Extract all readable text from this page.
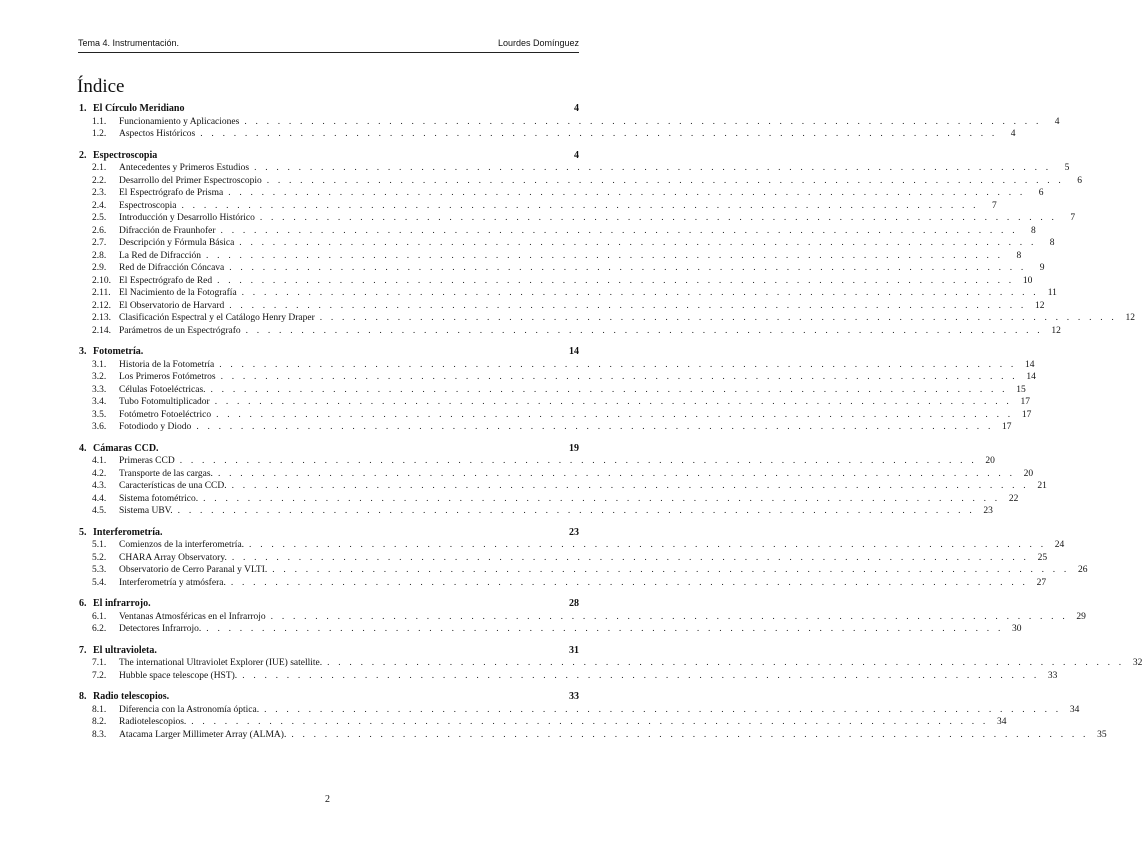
Tema 4. Instrumentación.	Lourdes Domínguez
Índice
1. El Círculo Meridiano	4
1.1.	Funcionamiento y Aplicaciones . . . . . . . . . . . . . . . . . . . . . . . . . . . . . . . . . . . . . . . . . . . . . . . . . . . . . . . . . . . . . . . . . . . . . . . .	4
1.2.	Aspectos Históricos . . . . . . . . . . . . . . . . . . . . . . . . . . . . . . . . . . . . . . . . . . . . . . . . . . . . . . . . . . . . . . . . . . . . . . . .	4
2. Espectroscopia	4
2.1.	Antecedentes y Primeros Estudios . . . . . . . . . . . . . . . . . . . . . . . . . . . . . . . . . . . . . . . . . . . . . . . . . . . . . . . . . . . . . . . . . . . . . . . .	5
2.2.	Desarrollo del Primer Espectroscopio . . . . . . . . . . . . . . . . . . . . . . . . . . . . . . . . . . . . . . . . . . . . . . . . . . . . . . . . . . . . . . . . . . . . . . . .	6
2.3.	El Espectrógrafo de Prisma . . . . . . . . . . . . . . . . . . . . . . . . . . . . . . . . . . . . . . . . . . . . . . . . . . . . . . . . . . . . . . . . . . . . . . . .	6
2.4.	Espectroscopia . . . . . . . . . . . . . . . . . . . . . . . . . . . . . . . . . . . . . . . . . . . . . . . . . . . . . . . . . . . . . . . . . . . . . . . .	7
2.5.	Introducción y Desarrollo Histórico . . . . . . . . . . . . . . . . . . . . . . . . . . . . . . . . . . . . . . . . . . . . . . . . . . . . . . . . . . . . . . . . . . . . . . . .	7
2.6.	Difracción de Fraunhofer . . . . . . . . . . . . . . . . . . . . . . . . . . . . . . . . . . . . . . . . . . . . . . . . . . . . . . . . . . . . . . . . . . . . . . . .	8
2.7.	Descripción y Fórmula Básica . . . . . . . . . . . . . . . . . . . . . . . . . . . . . . . . . . . . . . . . . . . . . . . . . . . . . . . . . . . . . . . . . . . . . . . .	8
2.8.	La Red de Difracción . . . . . . . . . . . . . . . . . . . . . . . . . . . . . . . . . . . . . . . . . . . . . . . . . . . . . . . . . . . . . . . . . . . . . . . .	8
2.9.	Red de Difracción Cóncava . . . . . . . . . . . . . . . . . . . . . . . . . . . . . . . . . . . . . . . . . . . . . . . . . . . . . . . . . . . . . . . . . . . . . . . .	9
2.10. El Espectrógrafo de Red . . . . . . . . . . . . . . . . . . . . . . . . . . . . . . . . . . . . . . . . . . . . . . . . . . . . . . . . . . . . . . . . . . . . . . . . 10
2.11. El Nacimiento de la Fotografía . . . . . . . . . . . . . . . . . . . . . . . . . . . . . . . . . . . . . . . . . . . . . . . . . . . . . . . . . . . . . . . . . . . . . . . . 11
2.12. El Observatorio de Harvard . . . . . . . . . . . . . . . . . . . . . . . . . . . . . . . . . . . . . . . . . . . . . . . . . . . . . . . . . . . . . . . . . . . . . . . . 12
2.13. Clasificación Espectral y el Catálogo Henry Draper . . . . . . . . . . . . . . . . . . . . . . . . . . . . . . . . . . . . . . . . . . . . . . . . . . . . . . . . . . . . . . . . . . . . . . . . 12
2.14. Parámetros de un Espectrógrafo . . . . . . . . . . . . . . . . . . . . . . . . . . . . . . . . . . . . . . . . . . . . . . . . . . . . . . . . . . . . . . . . . . . . . . . . 12
3. Fotometría.	14
3.1.	Historia de la Fotometría . . . . . . . . . . . . . . . . . . . . . . . . . . . . . . . . . . . . . . . . . . . . . . . . . . . . . . . . . . . . . . . . . . . . . . . . 14
3.2.	Los Primeros Fotómetros . . . . . . . . . . . . . . . . . . . . . . . . . . . . . . . . . . . . . . . . . . . . . . . . . . . . . . . . . . . . . . . . . . . . . . . . 14
3.3.	Células Fotoeléctricas. . . . . . . . . . . . . . . . . . . . . . . . . . . . . . . . . . . . . . . . . . . . . . . . . . . . . . . . . . . . . . . . . . . . . . . . . 15
3.4.	Tubo Fotomultiplicador . . . . . . . . . . . . . . . . . . . . . . . . . . . . . . . . . . . . . . . . . . . . . . . . . . . . . . . . . . . . . . . . . . . . . . . . 17
3.5.	Fotómetro Fotoeléctrico . . . . . . . . . . . . . . . . . . . . . . . . . . . . . . . . . . . . . . . . . . . . . . . . . . . . . . . . . . . . . . . . . . . . . . . . 17
3.6.	Fotodiodo y Diodo . . . . . . . . . . . . . . . . . . . . . . . . . . . . . . . . . . . . . . . . . . . . . . . . . . . . . . . . . . . . . . . . . . . . . . . . 17
4. Cámaras CCD.	19
4.1.	Primeras CCD . . . . . . . . . . . . . . . . . . . . . . . . . . . . . . . . . . . . . . . . . . . . . . . . . . . . . . . . . . . . . . . . . . . . . . . . 20
4.2.	Transporte de las cargas. . . . . . . . . . . . . . . . . . . . . . . . . . . . . . . . . . . . . . . . . . . . . . . . . . . . . . . . . . . . . . . . . . . . . . . . . 20
4.3.	Características de una CCD. . . . . . . . . . . . . . . . . . . . . . . . . . . . . . . . . . . . . . . . . . . . . . . . . . . . . . . . . . . . . . . . . . . . . . . . . 21
4.4.	Sistema fotométrico. . . . . . . . . . . . . . . . . . . . . . . . . . . . . . . . . . . . . . . . . . . . . . . . . . . . . . . . . . . . . . . . . . . . . . . . . 22
4.5.	Sistema UBV. . . . . . . . . . . . . . . . . . . . . . . . . . . . . . . . . . . . . . . . . . . . . . . . . . . . . . . . . . . . . . . . . . . . . . . . . 23
5. Interferometría.	23
5.1.	Comienzos de la interferometría. . . . . . . . . . . . . . . . . . . . . . . . . . . . . . . . . . . . . . . . . . . . . . . . . . . . . . . . . . . . . . . . . . . . . . . . . 24
5.2.	CHARA Array Observatory. . . . . . . . . . . . . . . . . . . . . . . . . . . . . . . . . . . . . . . . . . . . . . . . . . . . . . . . . . . . . . . . . . . . . . . . . 25
5.3.	Observatorio de Cerro Paranal y VLTI. . . . . . . . . . . . . . . . . . . . . . . . . . . . . . . . . . . . . . . . . . . . . . . . . . . . . . . . . . . . . . . . . . . . . . . . . 26
5.4.	Interferometría y atmósfera. . . . . . . . . . . . . . . . . . . . . . . . . . . . . . . . . . . . . . . . . . . . . . . . . . . . . . . . . . . . . . . . . . . . . . . . . 27
6. El infrarrojo.	28
6.1.	Ventanas Atmosféricas en el Infrarrojo . . . . . . . . . . . . . . . . . . . . . . . . . . . . . . . . . . . . . . . . . . . . . . . . . . . . . . . . . . . . . . . . . . . . . . . . 29
6.2.	Detectores Infrarrojo. . . . . . . . . . . . . . . . . . . . . . . . . . . . . . . . . . . . . . . . . . . . . . . . . . . . . . . . . . . . . . . . . . . . . . . . . 30
7. El ultravioleta.	31
7.1.	The international Ultraviolet Explorer (IUE) satellite. . . . . . . . . . . . . . . . . . . . . . . . . . . . . . . . . . . . . . . . . . . . . . . . . . . . . . . . . . . . . . . . . . . . . . . . . 32
7.2.	Hubble space telescope (HST). . . . . . . . . . . . . . . . . . . . . . . . . . . . . . . . . . . . . . . . . . . . . . . . . . . . . . . . . . . . . . . . . . . . . . . . . 33
8. Radio telescopios.	33
8.1.	Diferencia con la Astronomía óptica. . . . . . . . . . . . . . . . . . . . . . . . . . . . . . . . . . . . . . . . . . . . . . . . . . . . . . . . . . . . . . . . . . . . . . . . . 34
8.2.	Radiotelescopios. . . . . . . . . . . . . . . . . . . . . . . . . . . . . . . . . . . . . . . . . . . . . . . . . . . . . . . . . . . . . . . . . . . . . . . . . 34
8.3.	Atacama Larger Millimeter Array (ALMA). . . . . . . . . . . . . . . . . . . . . . . . . . . . . . . . . . . . . . . . . . . . . . . . . . . . . . . . . . . . . . . . . . . . . . . . . 35
2
